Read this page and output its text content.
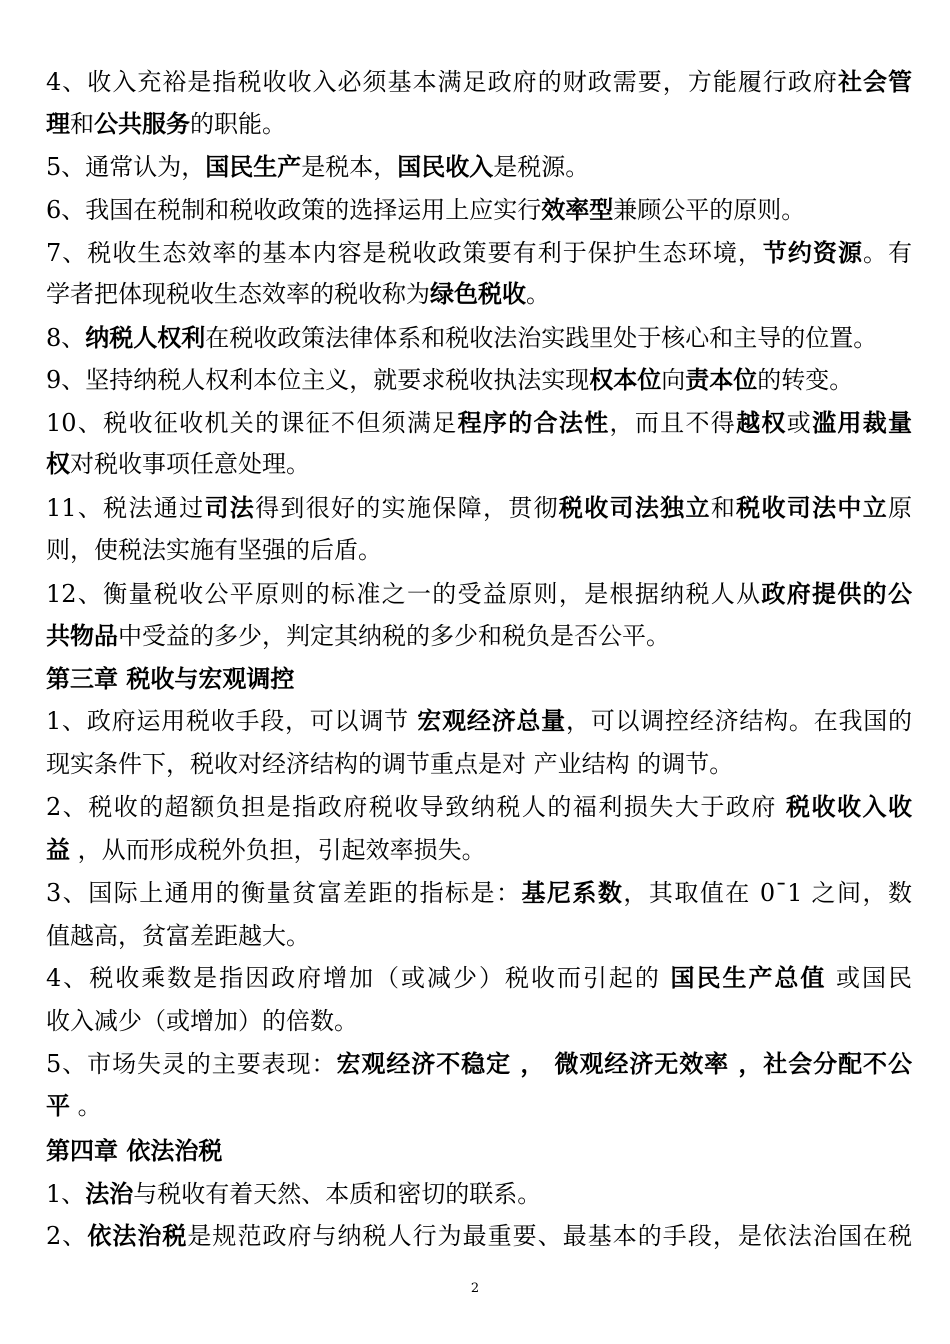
4、收入充裕是指税收收入必须基本满足政府的财政需要，方能履行政府社会管
理和公共服务的职能。
5、通常认为，国民生产是税本，国民收入是税源。
6、我国在税制和税收政策的选择运用上应实行效率型兼顾公平的原则。
7、税收生态效率的基本内容是税收政策要有利于保护生态环境，节约资源。有
学者把体现税收生态效率的税收称为绿色税收。
8、纳税人权利在税收政策法律体系和税收法治实践里处于核心和主导的位置。
9、坚持纳税人权利本位主义，就要求税收执法实现权本位向责本位的转变。
10、税收征收机关的课征不但须满足程序的合法性，而且不得越权或滥用裁量
权对税收事项任意处理。
11、税法通过司法得到很好的实施保障，贯彻税收司法独立和税收司法中立原
则，使税法实施有坚强的后盾。
12、衡量税收公平原则的标准之一的受益原则，是根据纳税人从政府提供的公
共物品中受益的多少，判定其纳税的多少和税负是否公平。
第三章 税收与宏观调控
1、政府运用税收手段，可以调节 宏观经济总量，可以调控经济结构。在我国的
现实条件下，税收对经济结构的调节重点是对 产业结构 的调节。
2、税收的超额负担是指政府税收导致纳税人的福利损失大于政府 税收收入收
益 ，从而形成税外负担，引起效率损失。
3、国际上通用的衡量贫富差距的指标是：基尼系数，其取值在 0¯1 之间，数
值越高，贫富差距越大。
4、税收乘数是指因政府增加（或减少）税收而引起的 国民生产总值 或国民
收入减少（或增加）的倍数。
5、市场失灵的主要表现：宏观经济不稳定 ， 微观经济无效率 ，社会分配不公
平 。
第四章 依法治税
1、法治与税收有着天然、本质和密切的联系。
2、依法治税是规范政府与纳税人行为最重要、最基本的手段，是依法治国在税
2
